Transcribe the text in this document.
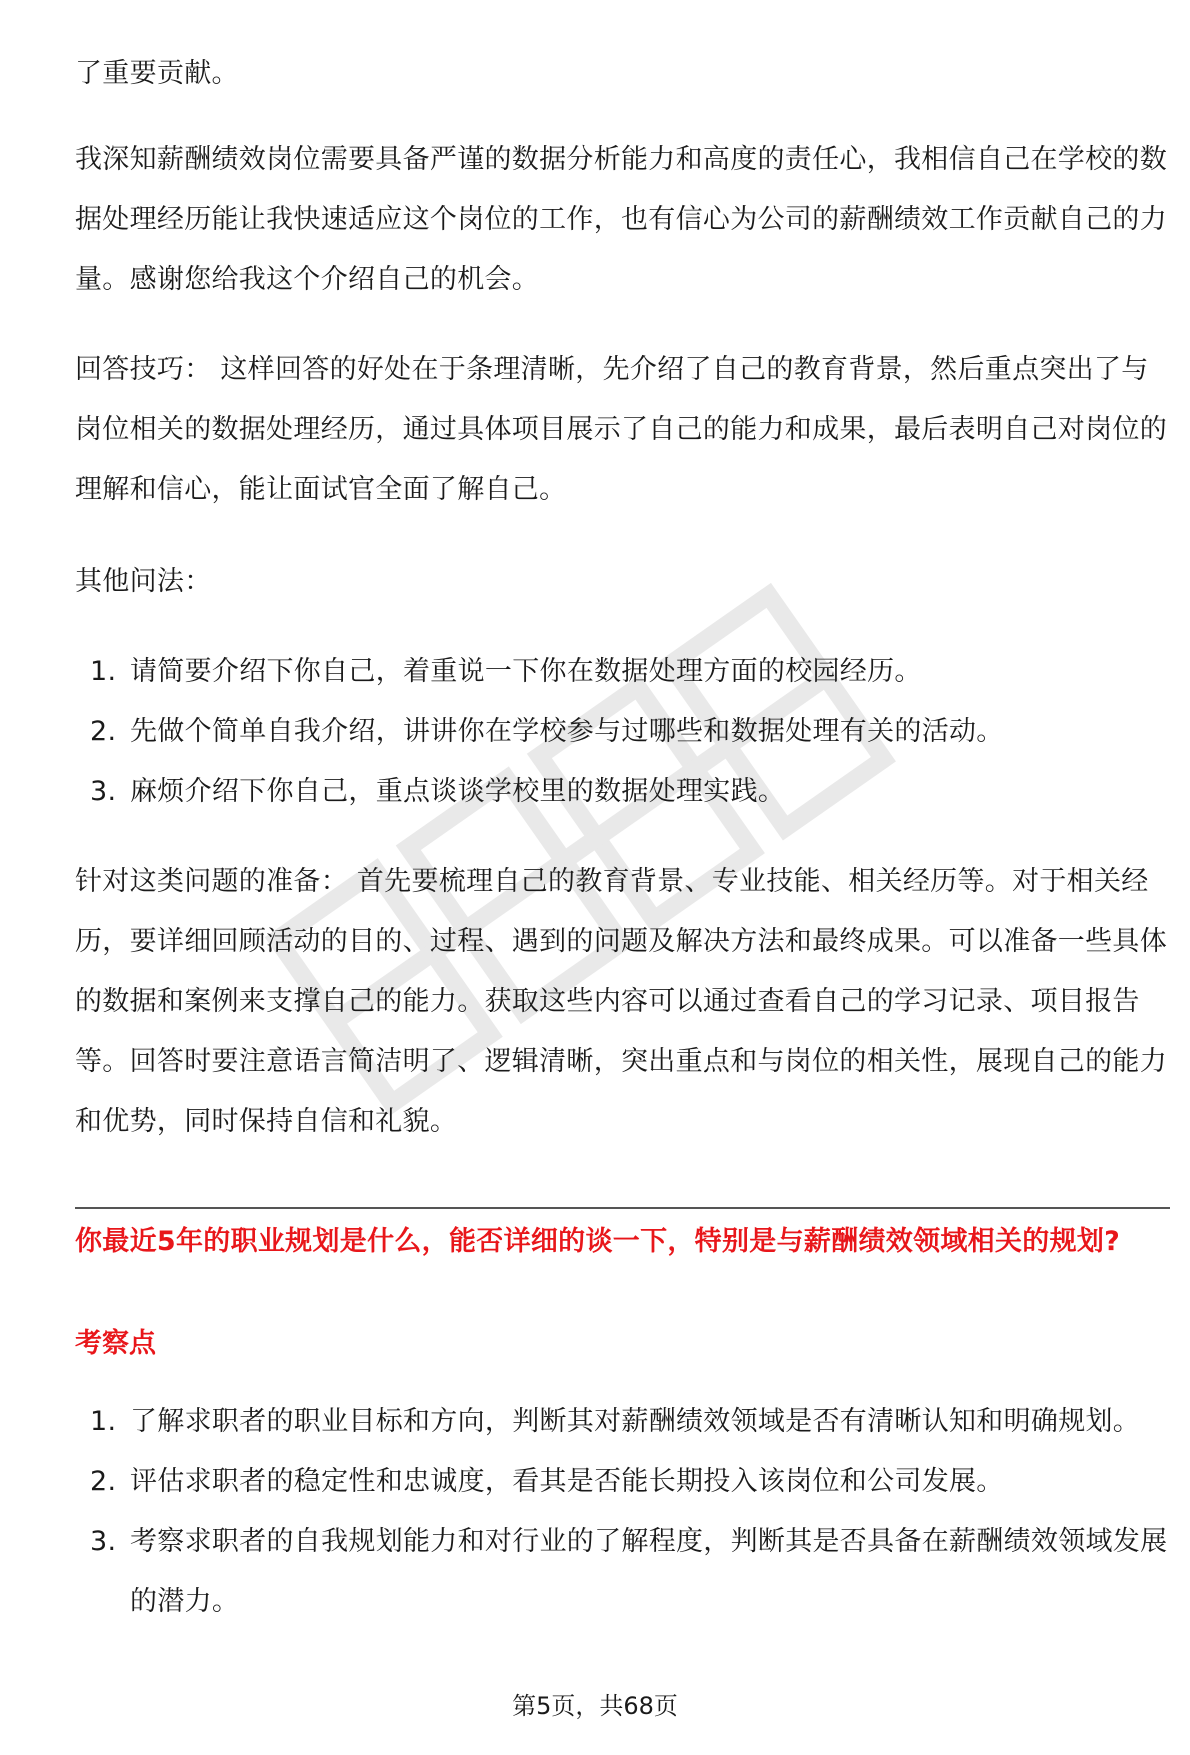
了重要贡献。

我深知薪酬绩效岗位需要具备严谨的数据分析能力和高度的责任心，我相信自己在学校的数据处理经历能让我快速适应这个岗位的工作，也有信心为公司的薪酬绩效工作贡献自己的力量。感谢您给我这个介绍自己的机会。

回答技巧： 这样回答的好处在于条理清晰，先介绍了自己的教育背景，然后重点突出了与岗位相关的数据处理经历，通过具体项目展示了自己的能力和成果，最后表明自己对岗位的理解和信心，能让面试官全面了解自己。

其他问法：

1. 请简要介绍下你自己，着重说一下你在数据处理方面的校园经历。
2. 先做个简单自我介绍，讲讲你在学校参与过哪些和数据处理有关的活动。
3. 麻烦介绍下你自己，重点谈谈学校里的数据处理实践。

针对这类问题的准备： 首先要梳理自己的教育背景、专业技能、相关经历等。对于相关经历，要详细回顾活动的目的、过程、遇到的问题及解决方法和最终成果。可以准备一些具体的数据和案例来支撑自己的能力。获取这些内容可以通过查看自己的学习记录、项目报告等。回答时要注意语言简洁明了、逻辑清晰，突出重点和与岗位的相关性，展现自己的能力和优势，同时保持自信和礼貌。

你最近5年的职业规划是什么，能否详细的谈一下，特别是与薪酬绩效领域相关的规划?
考察点
1. 了解求职者的职业目标和方向，判断其对薪酬绩效领域是否有清晰认知和明确规划。
2. 评估求职者的稳定性和忠诚度，看其是否能长期投入该岗位和公司发展。
3. 考察求职者的自我规划能力和对行业的了解程度，判断其是否具备在薪酬绩效领域发展的潜力。
第5页，共68页
